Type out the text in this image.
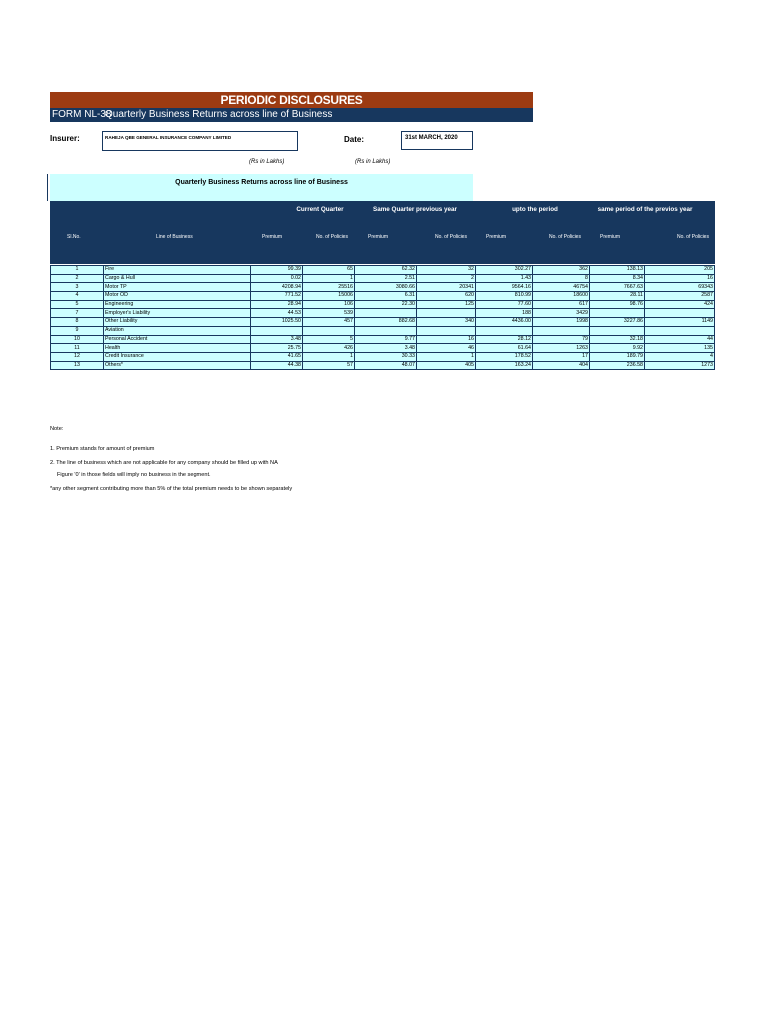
PERIODIC DISCLOSURES
FORM NL-38
Quarterly Business Returns across line of Business
Insurer:	RAHEJA QBE GENERAL INSURANCE COMPANY LIMITED	Date:	31st MARCH, 2020
(Rs in Lakhs)	(Rs in Lakhs)
Quarterly Business Returns across line of Business
Current Quarter	Same Quarter previous year	upto the period	same period of the previos year
Sl.No.	Line of Business	Premium	No. of Policies	Premium	No. of Policies	Premium	No. of Policies	Premium	No. of Policies
1	Fire	99.39	65	62.32	32	302.27	362	138.13	205
2	Cargo & Hull	0.02	1	2.51	2	1.43	8	8.34	16
3	Motor TP	4208.94	25516	3080.66	20341	9564.16	46754	7667.63	69343
4	Motor OD	771.52	15006	6.31	620	810.99	18600	28.11	2587
5	Engineering	28.94	106	22.30	125	77.60	617	98.76	424
7	Employer's Liability	44.53	539			188	3429		
8	Other Liability	1025.50	457	882.68	340	4436.00	1998	3227.86	1149
9	Aviation								
10	Personal Accident	3.48	5	9.77	16	28.12	79	32.18	44
11	Health	25.75	426	3.48	46	61.64	1263	9.92	135
12	Credit Insurance	41.65	1	30.33	1	178.52	17	189.79	4
13	Others*	44.38	57	48.07	405	163.24	404	236.58	1273
Note:
1. Premium stands for amount of premium
2. The line of business which are not applicable for any company should be filled up with NA
Figure '0' in those fields will imply no business in the segment.
*any other segment contributing more than 5% of the total premium needs to be shown separately
